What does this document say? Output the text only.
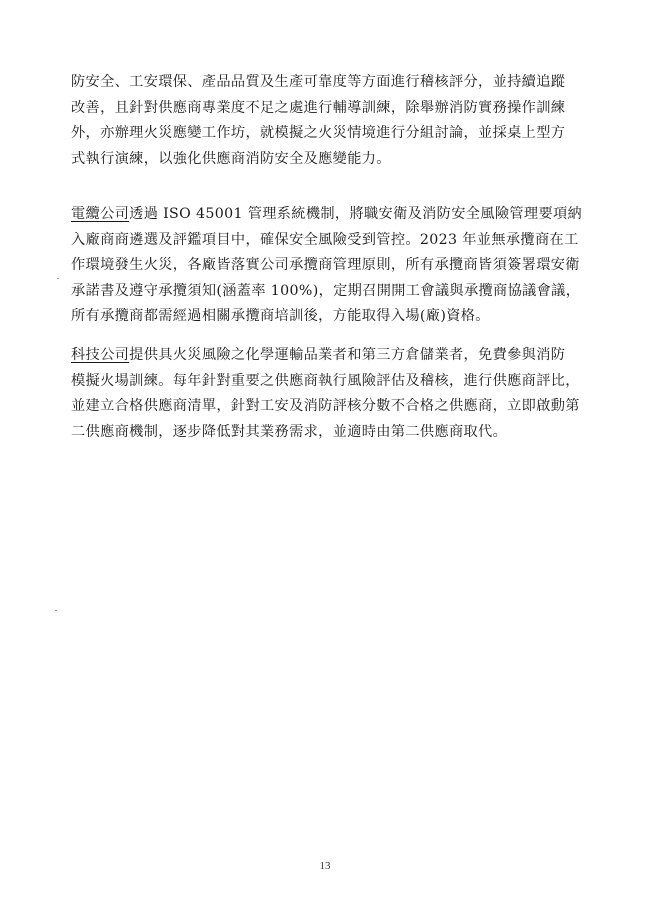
防安全、工安環保、產品品質及生產可靠度等方面進行稽核評分，並持續追蹤
改善，且針對供應商專業度不足之處進行輔導訓練，除舉辦消防實務操作訓練
外，亦辦理火災應變工作坊，就模擬之火災情境進行分組討論，並採桌上型方
式執行演練，以強化供應商消防安全及應變能力。

電纜公司透過 ISO 45001 管理系統機制，將職安衛及消防安全風險管理要項納
入廠商商遴選及評鑑項目中，確保安全風險受到管控。2023 年並無承攬商在工
作環境發生火災，各廠皆落實公司承攬商管理原則，所有承攬商皆須簽署環安衛
承諾書及遵守承攬須知(涵蓋率 100%)，定期召開開工會議與承攬商協議會議，
所有承攬商都需經過相關承攬商培訓後，方能取得入場(廠)資格。

科技公司提供具火災風險之化學運輸品業者和第三方倉儲業者，免費參與消防
模擬火場訓練。每年針對重要之供應商執行風險評估及稽核，進行供應商評比，
並建立合格供應商清單，針對工安及消防評核分數不合格之供應商，立即啟動第
二供應商機制，逐步降低對其業務需求，並適時由第二供應商取代。

13
